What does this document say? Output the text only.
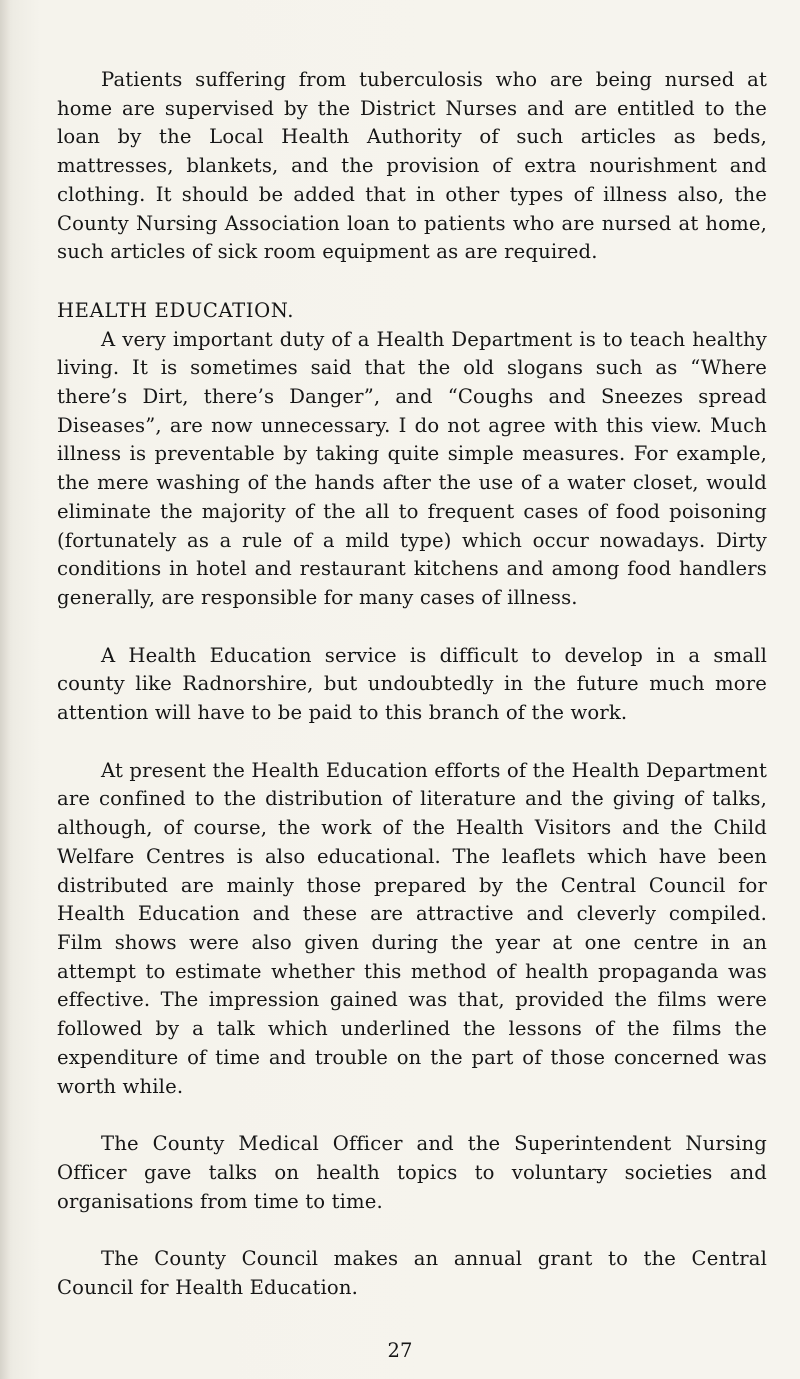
Patients suffering from tuberculosis who are being nursed at home are supervised by the District Nurses and are entitled to the loan by the Local Health Authority of such articles as beds, mattresses, blankets, and the provision of extra nourishment and clothing. It should be added that in other types of illness also, the County Nursing Association loan to patients who are nursed at home, such articles of sick room equipment as are required.

HEALTH EDUCATION.

A very important duty of a Health Department is to teach healthy living. It is sometimes said that the old slogans such as “Where there’s Dirt, there’s Danger”, and “Coughs and Sneezes spread Diseases”, are now unnecessary. I do not agree with this view. Much illness is preventable by taking quite simple measures. For example, the mere washing of the hands after the use of a water closet, would eliminate the majority of the all to frequent cases of food poisoning (fortunately as a rule of a mild type) which occur nowadays. Dirty conditions in hotel and restaurant kitchens and among food handlers generally, are responsible for many cases of illness.

A Health Education service is difficult to develop in a small county like Radnorshire, but undoubtedly in the future much more attention will have to be paid to this branch of the work.

At present the Health Education efforts of the Health Department are confined to the distribution of literature and the giving of talks, although, of course, the work of the Health Visitors and the Child Welfare Centres is also educational. The leaflets which have been distributed are mainly those prepared by the Central Council for Health Education and these are attractive and cleverly compiled. Film shows were also given during the year at one centre in an attempt to estimate whether this method of health propaganda was effective. The impression gained was that, provided the films were followed by a talk which underlined the lessons of the films the expenditure of time and trouble on the part of those concerned was worth while.

The County Medical Officer and the Superintendent Nursing Officer gave talks on health topics to voluntary societies and organisations from time to time.

The County Council makes an annual grant to the Central Council for Health Education.

27
